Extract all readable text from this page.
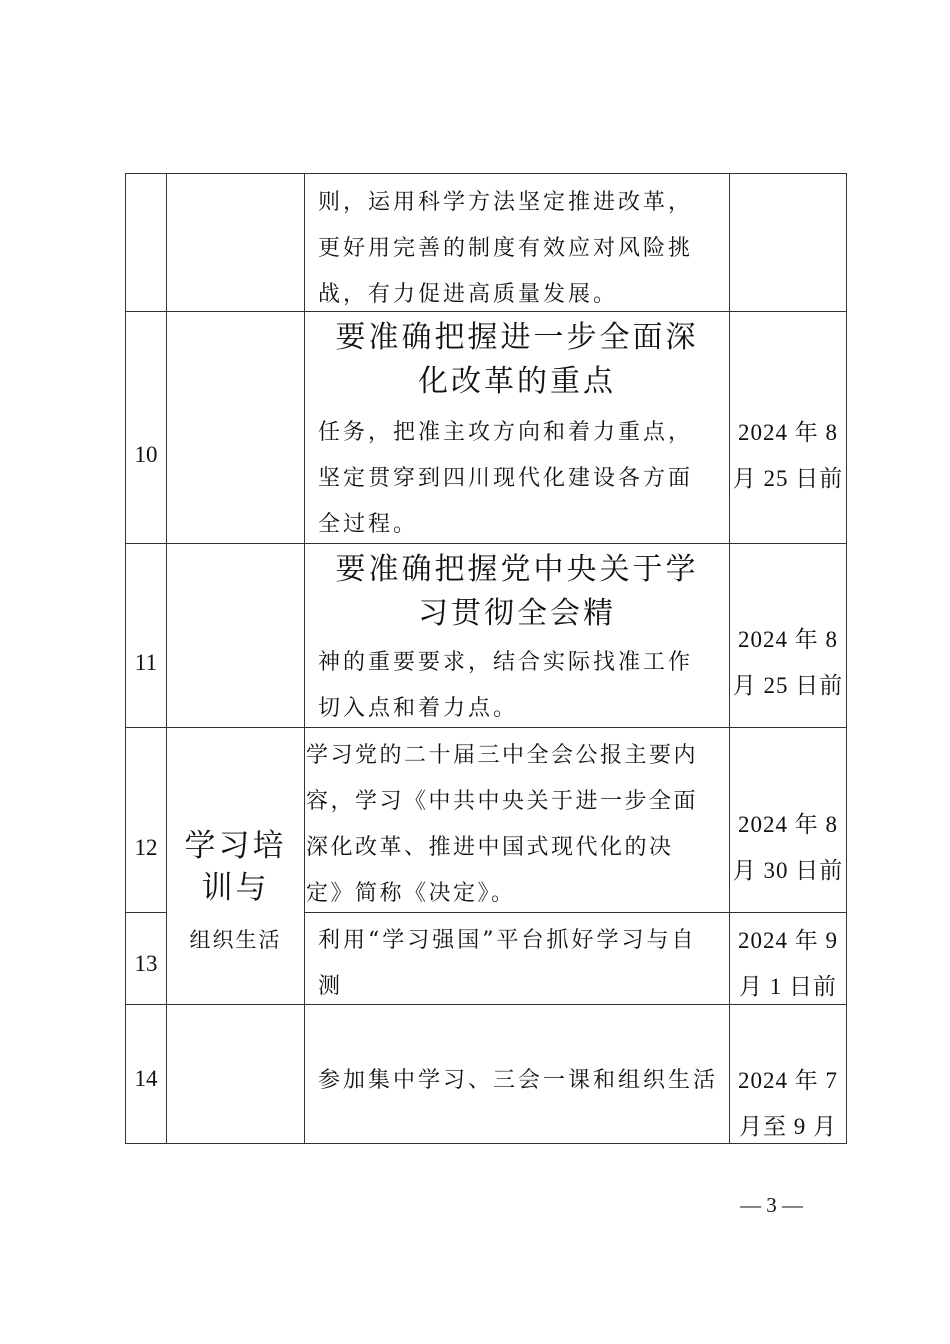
则，运用科学方法坚定推进改革，
更好用完善的制度有效应对风险挑
战，有力促进高质量发展。
10
要准确把握进一步全面深
化改革的重点
任务，把准主攻方向和着力重点，
坚定贯穿到四川现代化建设各方面
全过程。
2024 年 8
月 25 日前
11
要准确把握党中央关于学
习贯彻全会精
神的重要要求，结合实际找准工作
切入点和着力点。
2024 年 8
月 25 日前
12
学习党的二十届三中全会公报主要内
容，学习《中共中央关于进一步全面
深化改革、推进中国式现代化的决
定》简称《决定》。
2024 年 8
月 30 日前
学习培
训与
组织生活
13
利用“学习强国”平台抓好学习与自
测
2024 年 9
月 1 日前
14	参加集中学习、三会一课和组织生活 2024 年 7
月至 9 月
— 3 —
